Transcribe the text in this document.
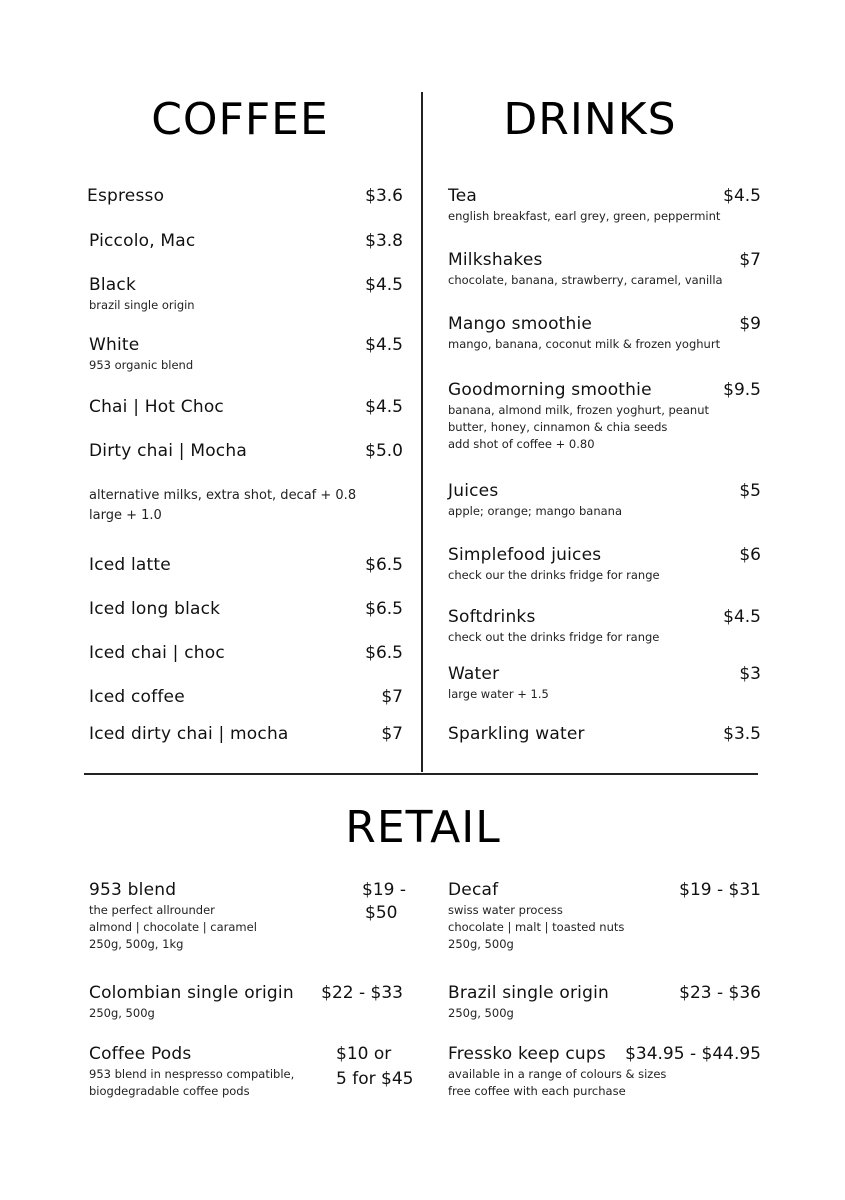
COFFEE	DRINKS
RETAIL
Espresso	$3.6
Piccolo, Mac	$3.8
Black	$4.5
brazil single origin
White	$4.5
953 organic blend
Chai | Hot Choc	$4.5
Dirty chai | Mocha	$5.0
alternative milks, extra shot, decaf + 0.8
large + 1.0
Iced latte	$6.5
Iced long black	$6.5
Iced chai | choc	$6.5
Iced coffee	$7
Iced dirty chai | mocha	$7
Tea	$4.5
english breakfast, earl grey, green, peppermint
Milkshakes	$7
chocolate, banana, strawberry, caramel, vanilla
Mango smoothie	$9
mango, banana, coconut milk & frozen yoghurt
Goodmorning smoothie	$9.5
banana, almond milk, frozen yoghurt, peanut
butter, honey, cinnamon & chia seeds
add shot of coffee + 0.80
Juices	$5
apple; orange; mango banana
Simplefood juices	$6
check our the drinks fridge for range
Softdrinks	$4.5
check out the drinks fridge for range
Water	$3
large water + 1.5
Sparkling water	$3.5
953 blend	$19 -
$50
the perfect allrounder
almond | chocolate | caramel
250g, 500g, 1kg
Decaf	$19 - $31
swiss water process
chocolate | malt | toasted nuts
250g, 500g
Colombian single origin $22 - $33
250g, 500g
Brazil single origin	$23 - $36
250g, 500g
Coffee Pods	$10 or
5 for $45
953 blend in nespresso compatible,
biogdegradable coffee pods
Fressko keep cups $34.95 - $44.95
available in a range of colours & sizes
free coffee with each purchase
